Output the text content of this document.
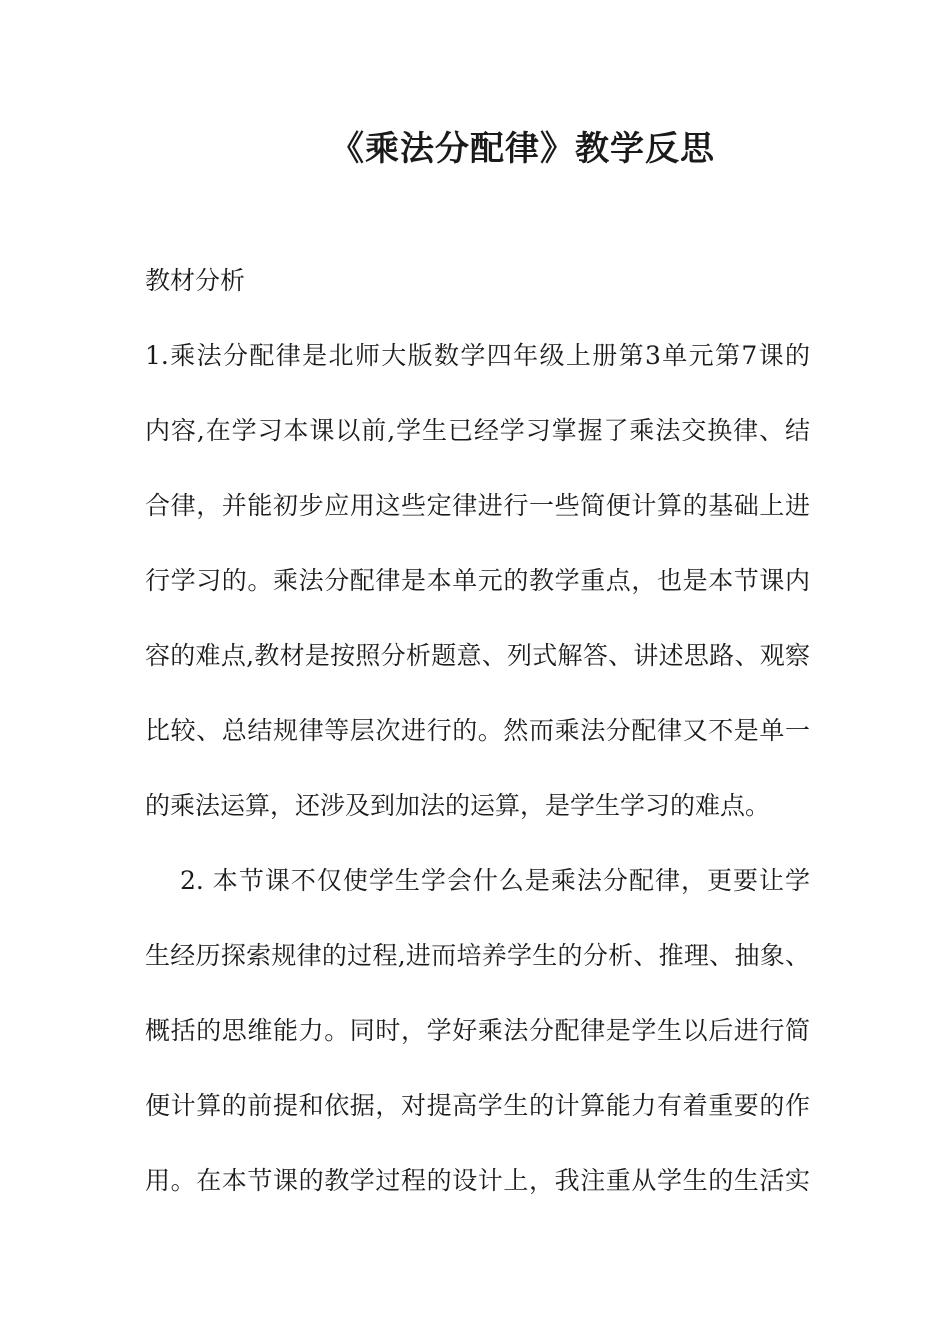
《乘法分配律》教学反思
教材分析
1.乘法分配律是北师大版数学四年级上册第3单元第7课的
内容,在学习本课以前,学生已经学习掌握了乘法交换律、结
合律，并能初步应用这些定律进行一些简便计算的基础上进
行学习的。乘法分配律是本单元的教学重点，也是本节课内
容的难点,教材是按照分析题意、列式解答、讲述思路、观察
比较、总结规律等层次进行的。然而乘法分配律又不是单一
的乘法运算，还涉及到加法的运算，是学生学习的难点。
2. 本节课不仅使学生学会什么是乘法分配律，更要让学
生经历探索规律的过程,进而培养学生的分析、推理、抽象、
概括的思维能力。同时，学好乘法分配律是学生以后进行简
便计算的前提和依据，对提高学生的计算能力有着重要的作
用。在本节课的教学过程的设计上，我注重从学生的生活实
